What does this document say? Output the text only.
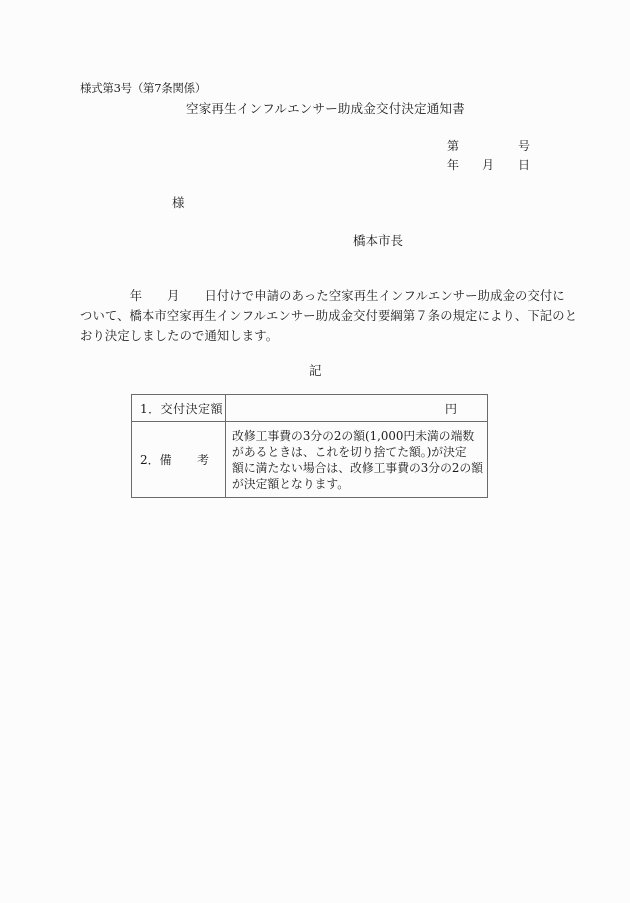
様式第3号（第7条関係）
空家再生インフルエンサー助成金交付決定通知書
第	号
年 月 日
様
橋本市長
　　　　年　　月　　日付けで申請のあった空家再生インフルエンサー助成金の交付に
ついて、橋本市空家再生インフルエンサー助成金交付要綱第７条の規定により、下記のと
おり決定しましたので通知します。
記
1．交付決定額	円

2．備 考	改修工事費の3分の2の額(1,000円未満の端数
があるときは、これを切り捨てた額。)が決定
額に満たない場合は、改修工事費の3分の2の額
が決定額となります。
